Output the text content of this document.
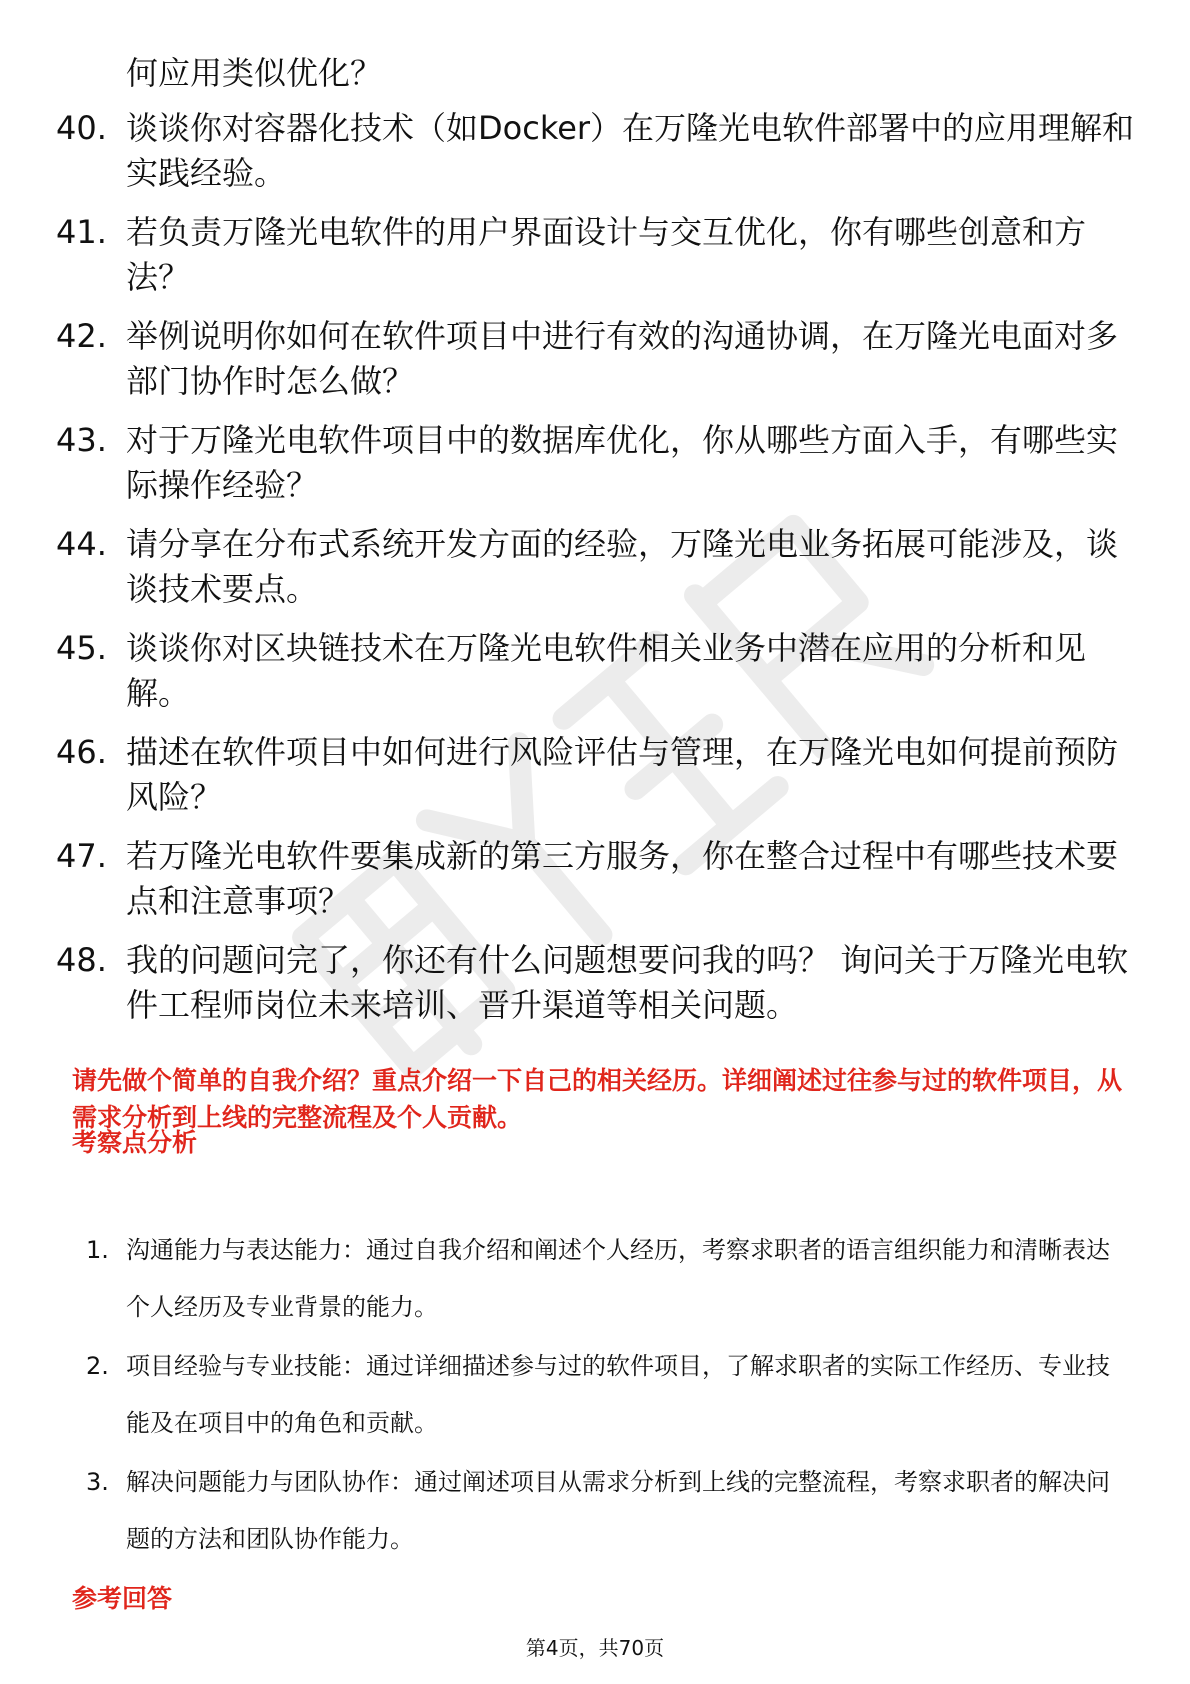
何应用类似优化？

40. 谈谈你对容器化技术（如Docker）在万隆光电软件部署中的应用理解和实践经验。
41. 若负责万隆光电软件的用户界面设计与交互优化，你有哪些创意和方法？
42. 举例说明你如何在软件项目中进行有效的沟通协调，在万隆光电面对多部门协作时怎么做？
43. 对于万隆光电软件项目中的数据库优化，你从哪些方面入手，有哪些实际操作经验？
44. 请分享在分布式系统开发方面的经验，万隆光电业务拓展可能涉及，谈谈技术要点。
45. 谈谈你对区块链技术在万隆光电软件相关业务中潜在应用的分析和见解。
46. 描述在软件项目中如何进行风险评估与管理，在万隆光电如何提前预防风险？
47. 若万隆光电软件要集成新的第三方服务，你在整合过程中有哪些技术要点和注意事项？
48. 我的问题问完了，你还有什么问题想要问我的吗？ 询问关于万隆光电软件工程师岗位未来培训、晋升渠道等相关问题。

请先做个简单的自我介绍？重点介绍一下自己的相关经历。详细阐述过往参与过的软件项目，从需求分析到上线的完整流程及个人贡献。

考察点分析
1. 沟通能力与表达能力：通过自我介绍和阐述个人经历，考察求职者的语言组织能力和清晰表达个人经历及专业背景的能力。
2. 项目经验与专业技能：通过详细描述参与过的软件项目，了解求职者的实际工作经历、专业技能及在项目中的角色和贡献。
3. 解决问题能力与团队协作：通过阐述项目从需求分析到上线的完整流程，考察求职者的解决问题的方法和团队协作能力。
参考回答

第4页，共70页
